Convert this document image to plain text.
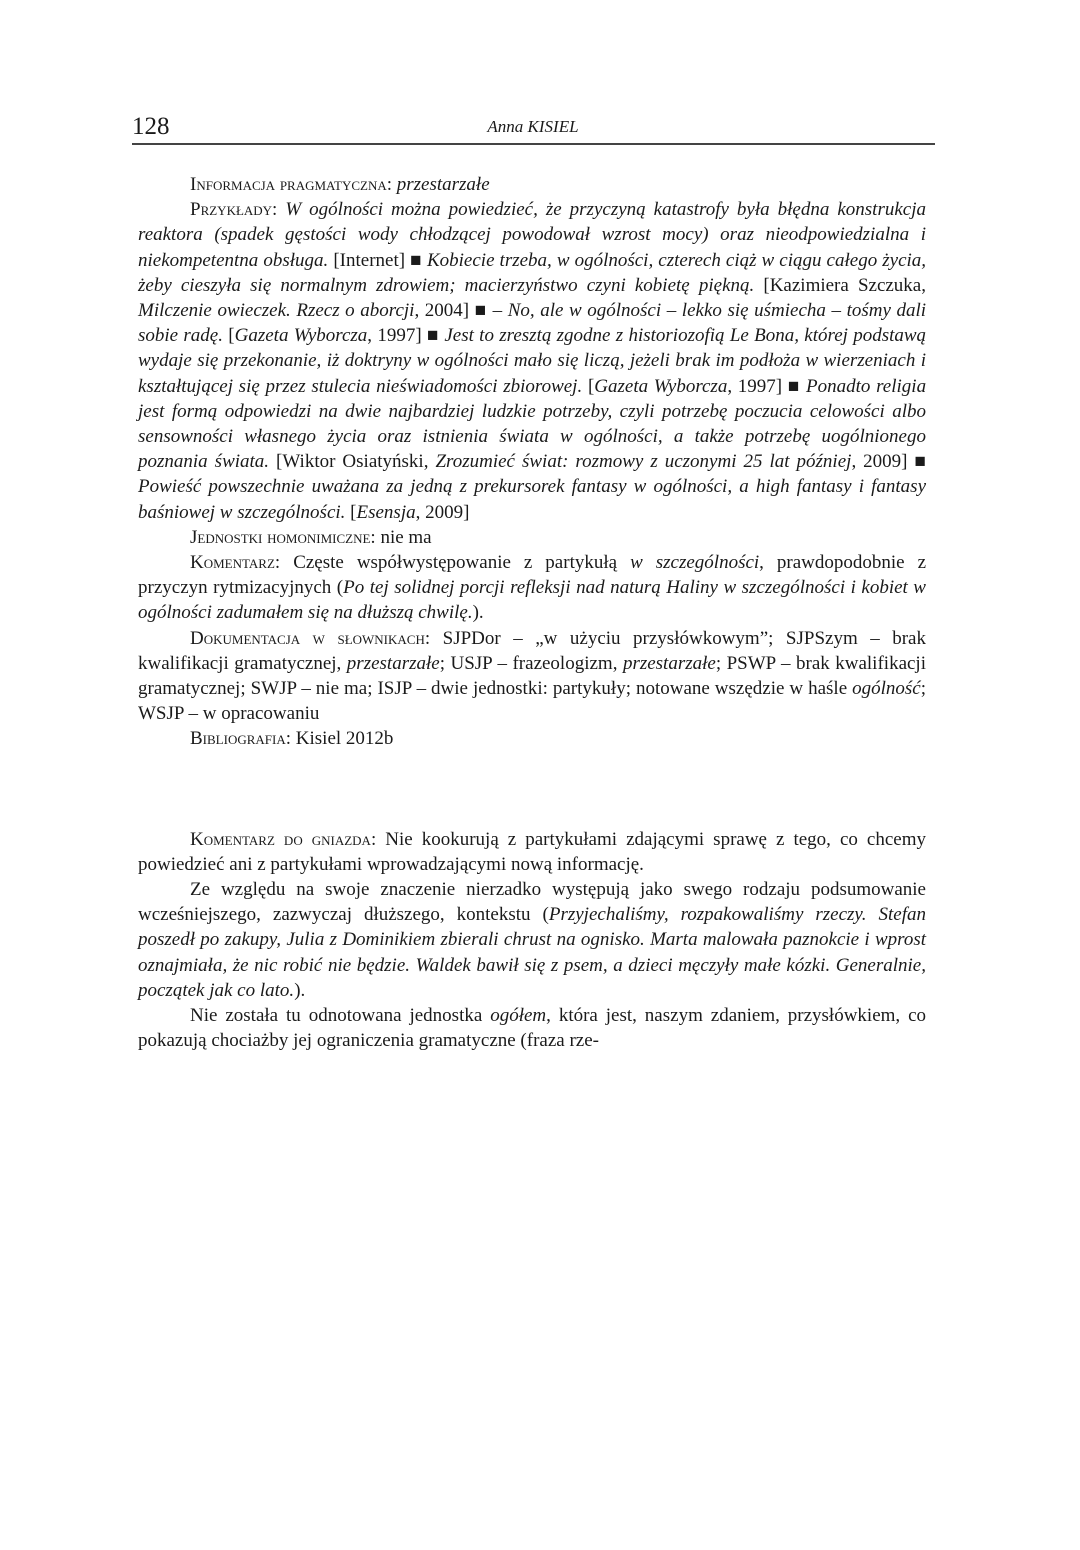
128	Anna KISIEL

Informacja pragmatyczna: przestarzałe

Przykłady: W ogólności można powiedzieć, że przyczyną katastrofy była błędna konstrukcja reaktora (spadek gęstości wody chłodzącej powodował wzrost mocy) oraz nieodpowiedzialna i niekompetentna obsługa. [Internet] ■ Kobiecie trzeba, w ogólności, czterech ciąż w ciągu całego życia, żeby cieszyła się normalnym zdrowiem; macierzyństwo czyni kobietę piękną. [Kazimiera Szczuka, Milczenie owieczek. Rzecz o aborcji, 2004] ■ – No, ale w ogólności – lekko się uśmiecha – tośmy dali sobie radę. [Gazeta Wyborcza, 1997] ■ Jest to zresztą zgodne z historiozofią Le Bona, której podstawą wydaje się przekonanie, iż doktryny w ogólności mało się liczą, jeżeli brak im podłoża w wierzeniach i kształtującej się przez stulecia nieświadomości zbiorowej. [Gazeta Wyborcza, 1997] ■ Ponadto religia jest formą odpowiedzi na dwie najbardziej ludzkie potrzeby, czyli potrzebę poczucia celowości albo sensowności własnego życia oraz istnienia świata w ogólności, a także potrzebę uogólnionego poznania świata. [Wiktor Osiatyński, Zrozumieć świat: rozmowy z uczonymi 25 lat później, 2009] ■ Powieść powszechnie uważana za jedną z prekursorek fantasy w ogólności, a high fantasy i fantasy baśniowej w szczególności. [Esensja, 2009]

Jednostki homonimiczne: nie ma

Komentarz: Częste współwystępowanie z partykułą w szczególności, prawdopodobnie z przyczyn rytmizacyjnych (Po tej solidnej porcji refleksji nad naturą Haliny w szczególności i kobiet w ogólności zadumałem się na dłuższą chwilę.).

Dokumentacja w słownikach: SJPDor – „w użyciu przysłówkowym”; SJPSzym – brak kwalifikacji gramatycznej, przestarzałe; USJP – frazeologizm, przestarzałe; PSWP – brak kwalifikacji gramatycznej; SWJP – nie ma; ISJP – dwie jednostki: partykuły; notowane wszędzie w haśle ogólność; WSJP – w opracowaniu

Bibliografia: Kisiel 2012b

Komentarz do gniazda: Nie kookurują z partykułami zdającymi sprawę z tego, co chcemy powiedzieć ani z partykułami wprowadzającymi nową informację.

Ze względu na swoje znaczenie nierzadko występują jako swego rodzaju podsumowanie wcześniejszego, zazwyczaj dłuższego, kontekstu (Przyjechaliśmy, rozpakowaliśmy rzeczy. Stefan poszedł po zakupy, Julia z Dominikiem zbierali chrust na ognisko. Marta malowała paznokcie i wprost oznajmiała, że nic robić nie będzie. Waldek bawił się z psem, a dzieci męczyły małe kózki. Generalnie, początek jak co lato.).

Nie została tu odnotowana jednostka ogółem, która jest, naszym zdaniem, przysłówkiem, co pokazują chociażby jej ograniczenia gramatyczne (fraza rze-
